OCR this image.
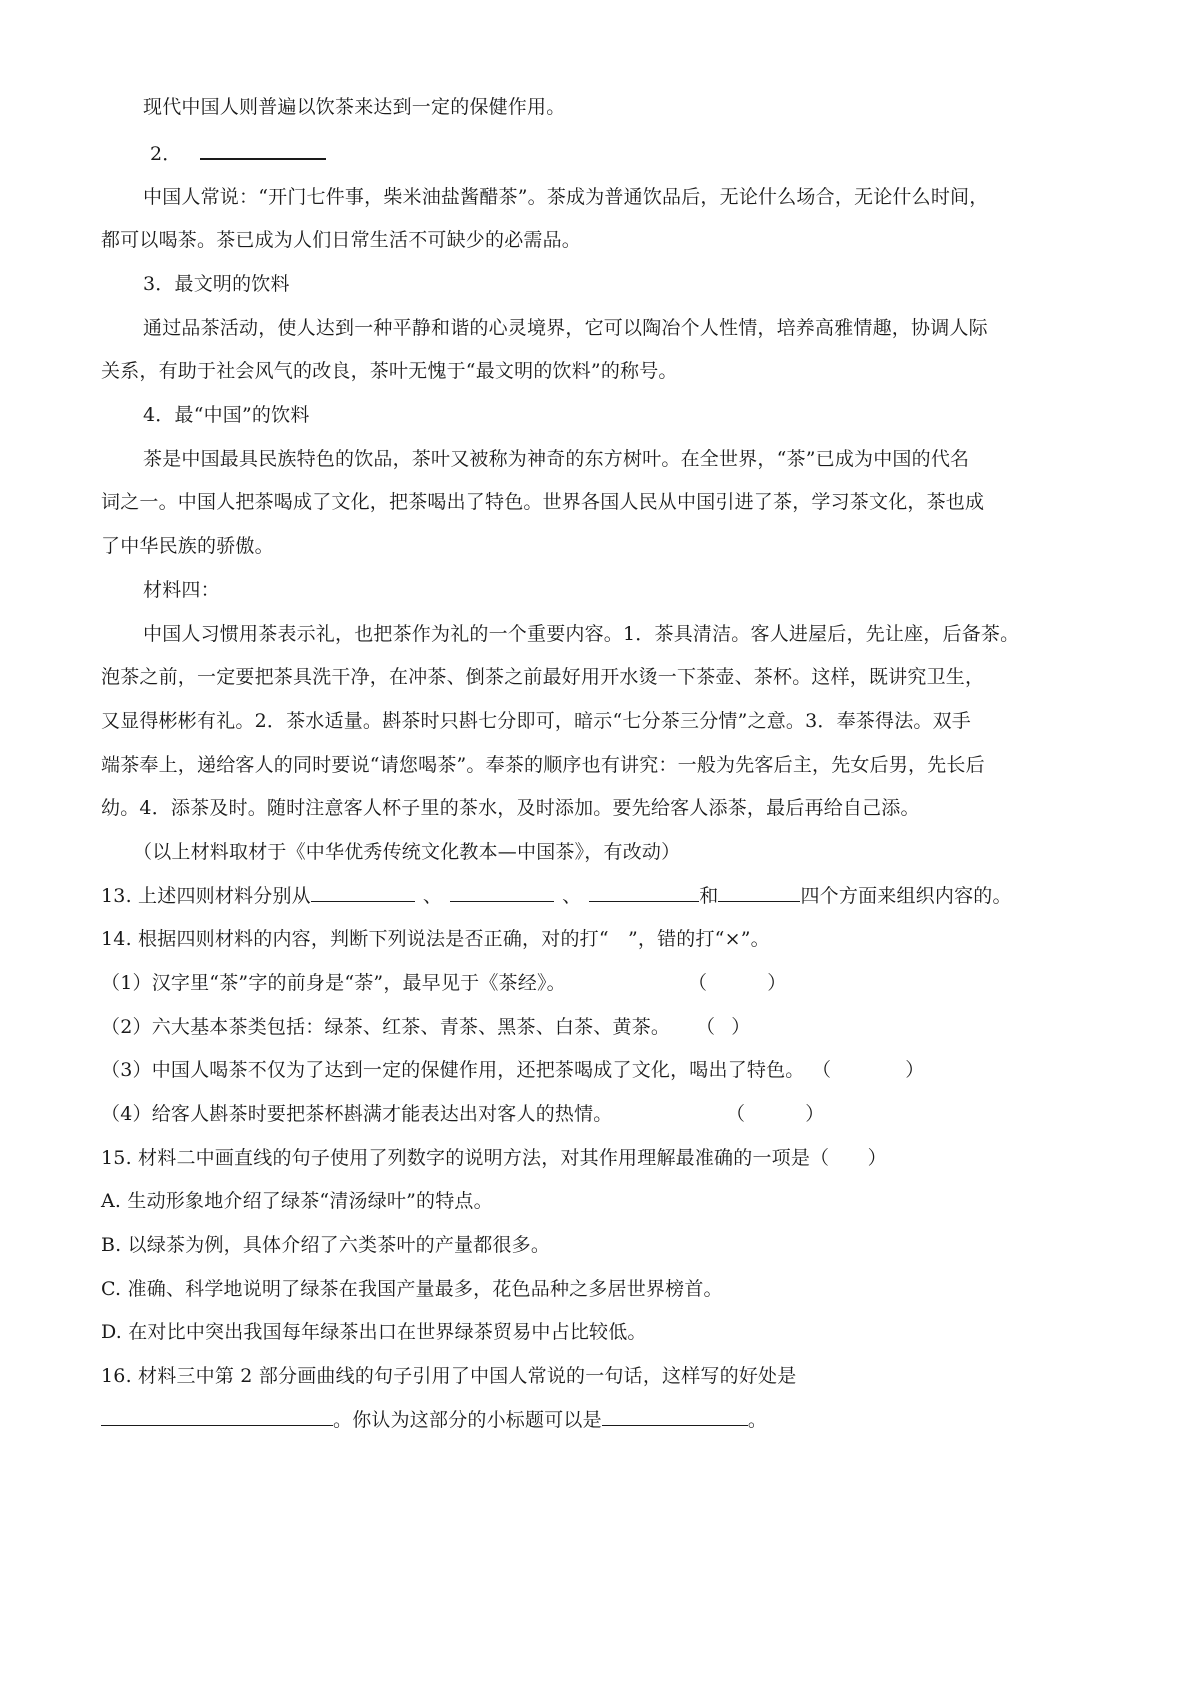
现代中国人则普遍以饮茶来达到一定的保健作用。
2．
中国人常说：“开门七件事，柴米油盐酱醋茶”。茶成为普通饮品后，无论什么场合，无论什么时间，
都可以喝茶。茶已成为人们日常生活不可缺少的必需品。
3．最文明的饮料
通过品茶活动，使人达到一种平静和谐的心灵境界，它可以陶冶个人性情，培养高雅情趣，协调人际
关系，有助于社会风气的改良，茶叶无愧于“最文明的饮料”的称号。
4．最“中国”的饮料
茶是中国最具民族特色的饮品，茶叶又被称为神奇的东方树叶。在全世界，“茶”已成为中国的代名
词之一。中国人把茶喝成了文化，把茶喝出了特色。世界各国人民从中国引进了茶，学习茶文化，茶也成
了中华民族的骄傲。
材料四：
中国人习惯用茶表示礼，也把茶作为礼的一个重要内容。1．茶具清洁。客人进屋后，先让座，后备茶。
泡茶之前，一定要把茶具洗干净，在冲茶、倒茶之前最好用开水烫一下茶壶、茶杯。这样，既讲究卫生，
又显得彬彬有礼。2．茶水适量。斟茶时只斟七分即可，暗示“七分茶三分情”之意。3．奉茶得法。双手
端茶奉上，递给客人的同时要说“请您喝茶”。奉茶的顺序也有讲究：一般为先客后主，先女后男，先长后
幼。4．添茶及时。随时注意客人杯子里的茶水，及时添加。要先给客人添茶，最后再给自己添。
（以上材料取材于《中华优秀传统文化教本—中国茶》，有改动）
13. 上述四则材料分别从	、	、	和	四个方面来组织内容的。
14. 根据四则材料的内容，判断下列说法是否正确，对的打“　”，错的打“×”。
（1）汉字里“茶”字的前身是“荼”，最早见于《茶经》。	（	）
（2）六大基本茶类包括：绿茶、红茶、青茶、黑茶、白茶、黄茶。 （ ）
（3）中国人喝茶不仅为了达到一定的保健作用，还把茶喝成了文化，喝出了特色。 （	）
（4）给客人斟茶时要把茶杯斟满才能表达出对客人的热情。	（	）
15. 材料二中画直线的句子使用了列数字的说明方法，对其作用理解最准确的一项是（　　）
A. 生动形象地介绍了绿茶“清汤绿叶”的特点。
B. 以绿茶为例，具体介绍了六类茶叶的产量都很多。
C. 准确、科学地说明了绿茶在我国产量最多，花色品种之多居世界榜首。
D. 在对比中突出我国每年绿茶出口在世界绿茶贸易中占比较低。
16. 材料三中第 2 部分画曲线的句子引用了中国人常说的一句话，这样写的好处是
。你认为这部分的小标题可以是	。
